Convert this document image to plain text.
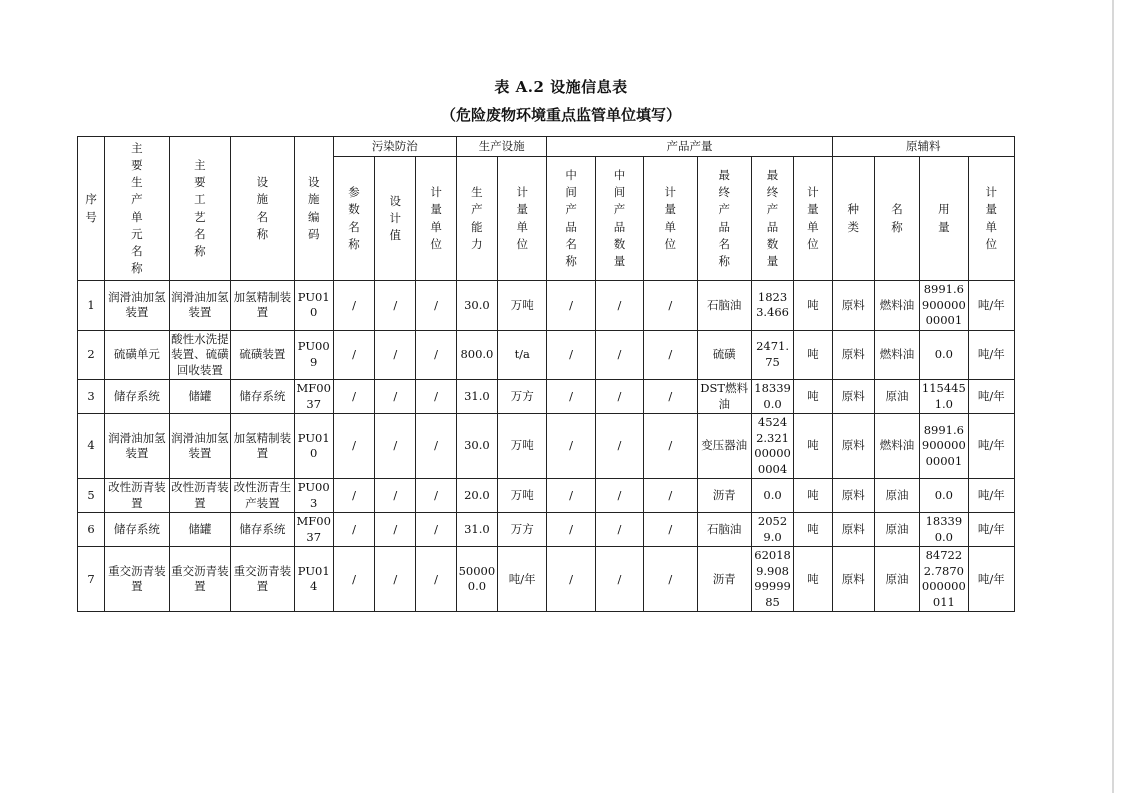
表 A.2 设施信息表
（危险废物环境重点监管单位填写）
序号	主要生产单元名称	主要工艺名称	设施名称	设施编码	污染防治			生产设施		产品产量						原辅料			
					参数名称	设计值	计量单位	生产能力	计量单位	中间产品名称	中间产品数量	计量单位	最终产品名称	最终产品数量	计量单位	种类	名称	用量	计量单位
1	润滑油加氢装置	润滑油加氢装置	加氢精制装置	PU010	/	/	/	30.0	万吨	/	/	/	石脑油	18233.466	吨	原料	燃料油	8991.690000000001	吨/年
2	硫磺单元	酸性水洗提装置、硫磺回收装置	硫磺装置	PU009	/	/	/	800.0	t/a	/	/	/	硫磺	2471.75	吨	原料	燃料油	0.0	吨/年
3	储存系统	储罐	储存系统	MF0037	/	/	/	31.0	万方	/	/	/	DST燃料油	183390.0	吨	原料	原油	1154451.0	吨/年
4	润滑油加氢装置	润滑油加氢装置	加氢精制装置	PU010	/	/	/	30.0	万吨	/	/	/	变压器油	45242.321000000004	吨	原料	燃料油	8991.690000000001	吨/年
5	改性沥青装置	改性沥青装置	改性沥青生产装置	PU003	/	/	/	20.0	万吨	/	/	/	沥青	0.0	吨	原料	原油	0.0	吨/年
6	储存系统	储罐	储存系统	MF0037	/	/	/	31.0	万方	/	/	/	石脑油	20529.0	吨	原料	原油	183390.0	吨/年
7	重交沥青装置	重交沥青装置	重交沥青装置	PU014	/	/	/	500000.0	吨/年	/	/	/	沥青	620189.9089999985	吨	原料	原油	847222.7870000000011	吨/年
